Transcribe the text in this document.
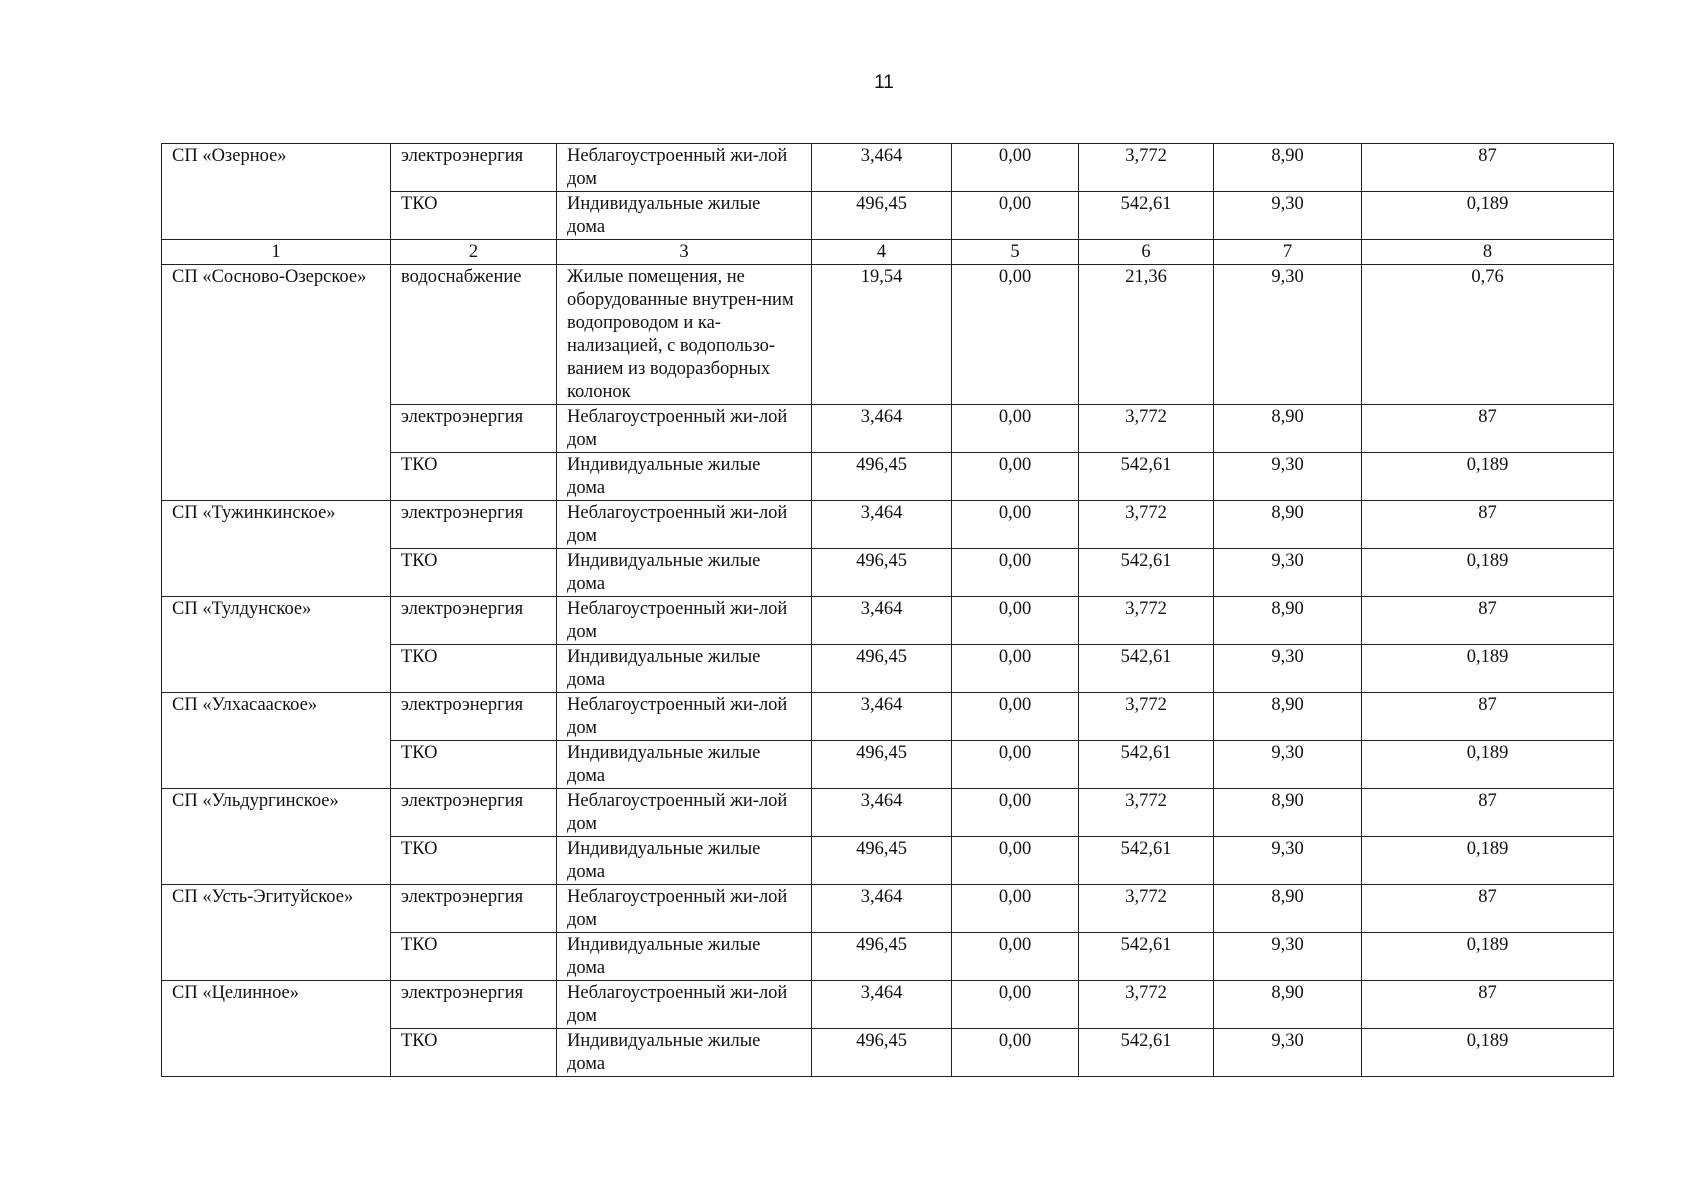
11
СП «Озерное»	электроэнергия	Неблагоустроенный жи-лой дом	3,464	0,00	3,772	8,90	87
	ТКО	Индивидуальные жилые дома	496,45	0,00	542,61	9,30	0,189
1	2	3	4	5	6	7	8
СП «Сосново-Озерское»	водоснабжение	Жилые помещения, не оборудованные внутрен-ним водопроводом и ка-нализацией, с водопользо-ванием из водоразборных колонок	19,54	0,00	21,36	9,30	0,76
	электроэнергия	Неблагоустроенный жи-лой дом	3,464	0,00	3,772	8,90	87
	ТКО	Индивидуальные жилые дома	496,45	0,00	542,61	9,30	0,189
СП «Тужинкинское»	электроэнергия	Неблагоустроенный жи-лой дом	3,464	0,00	3,772	8,90	87
	ТКО	Индивидуальные жилые дома	496,45	0,00	542,61	9,30	0,189
СП «Тулдунское»	электроэнергия	Неблагоустроенный жи-лой дом	3,464	0,00	3,772	8,90	87
	ТКО	Индивидуальные жилые дома	496,45	0,00	542,61	9,30	0,189
СП «Улхасаaское»	электроэнергия	Неблагоустроенный жи-лой дом	3,464	0,00	3,772	8,90	87
	ТКО	Индивидуальные жилые дома	496,45	0,00	542,61	9,30	0,189
СП «Ульдургинское»	электроэнергия	Неблагоустроенный жи-лой дом	3,464	0,00	3,772	8,90	87
	ТКО	Индивидуальные жилые дома	496,45	0,00	542,61	9,30	0,189
СП «Усть-Эгитуйское»	электроэнергия	Неблагоустроенный жи-лой дом	3,464	0,00	3,772	8,90	87
	ТКО	Индивидуальные жилые дома	496,45	0,00	542,61	9,30	0,189
СП «Целинное»	электроэнергия	Неблагоустроенный жи-лой дом	3,464	0,00	3,772	8,90	87
	ТКО	Индивидуальные жилые дома	496,45	0,00	542,61	9,30	0,189
